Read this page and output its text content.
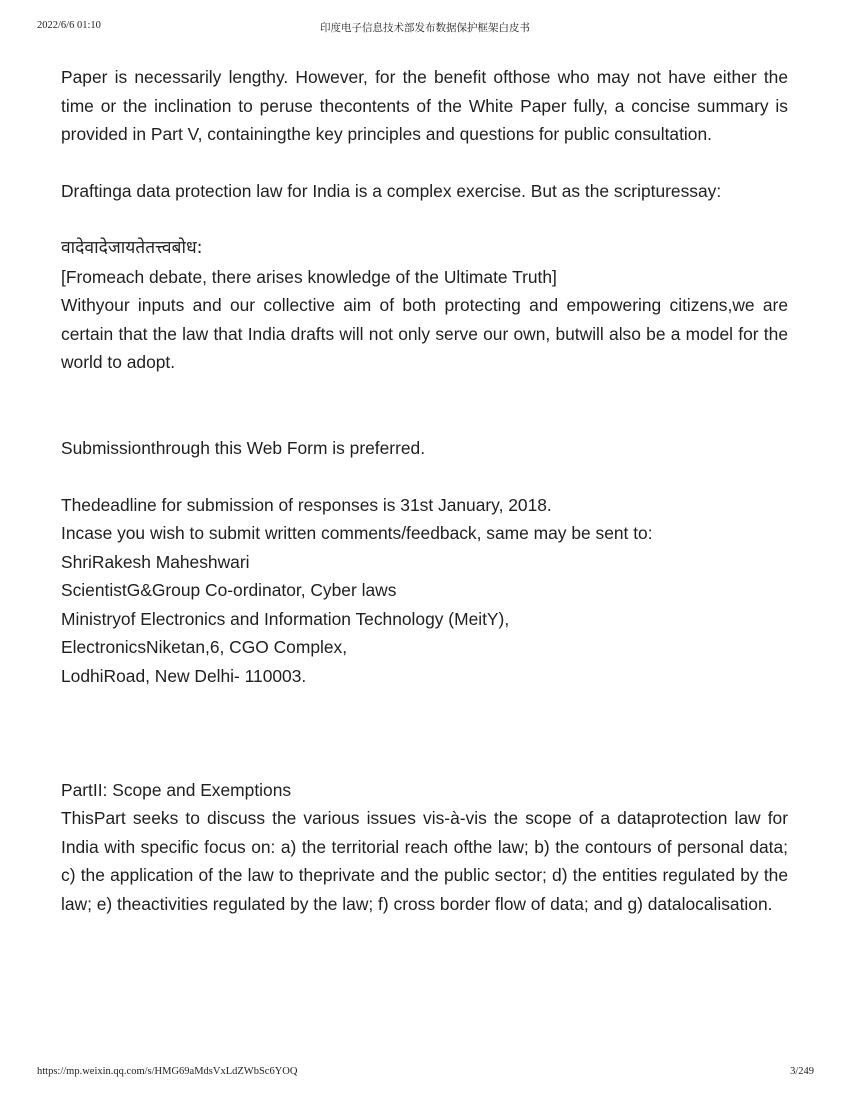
印度电子信息技术部发布数据保护框架白皮书
2022/6/6 01:10

Paper is necessarily lengthy. However, for the benefit ofthose who may not have either the time or the inclination to peruse thecontents of the White Paper fully, a concise summary is provided in Part V, containingthe key principles and questions for public consultation.

Draftinga data protection law for India is a complex exercise. But as the scripturessay:

वादेवादेजायतेतत्त्वबोध:

[Fromeach debate, there arises knowledge of the Ultimate Truth]

Withyour inputs and our collective aim of both protecting and empowering citizens,we are certain that the law that India drafts will not only serve our own, butwill also be a model for the world to adopt.

Submissionthrough this Web Form is preferred.

Thedeadline for submission of responses is 31st January, 2018.

Incase you wish to submit written comments/feedback, same may be sent to:

ShriRakesh Maheshwari
ScientistG&Group Co-ordinator, Cyber laws
Ministryof Electronics and Information Technology (MeitY),
ElectronicsNiketan,6, CGO Complex,
LodhiRoad, New Delhi- 110003.

PartII: Scope and Exemptions

ThisPart seeks to discuss the various issues vis-à-vis the scope of a dataprotection law for India with specific focus on: a) the territorial reach ofthe law; b) the contours of personal data; c) the application of the law to theprivate and the public sector; d) the entities regulated by the law; e) theactivities regulated by the law; f) cross border flow of data; and g) datalocalisation.

https://mp.weixin.qq.com/s/HMG69aMdsVxLdZWbSc6YOQ	3/249
